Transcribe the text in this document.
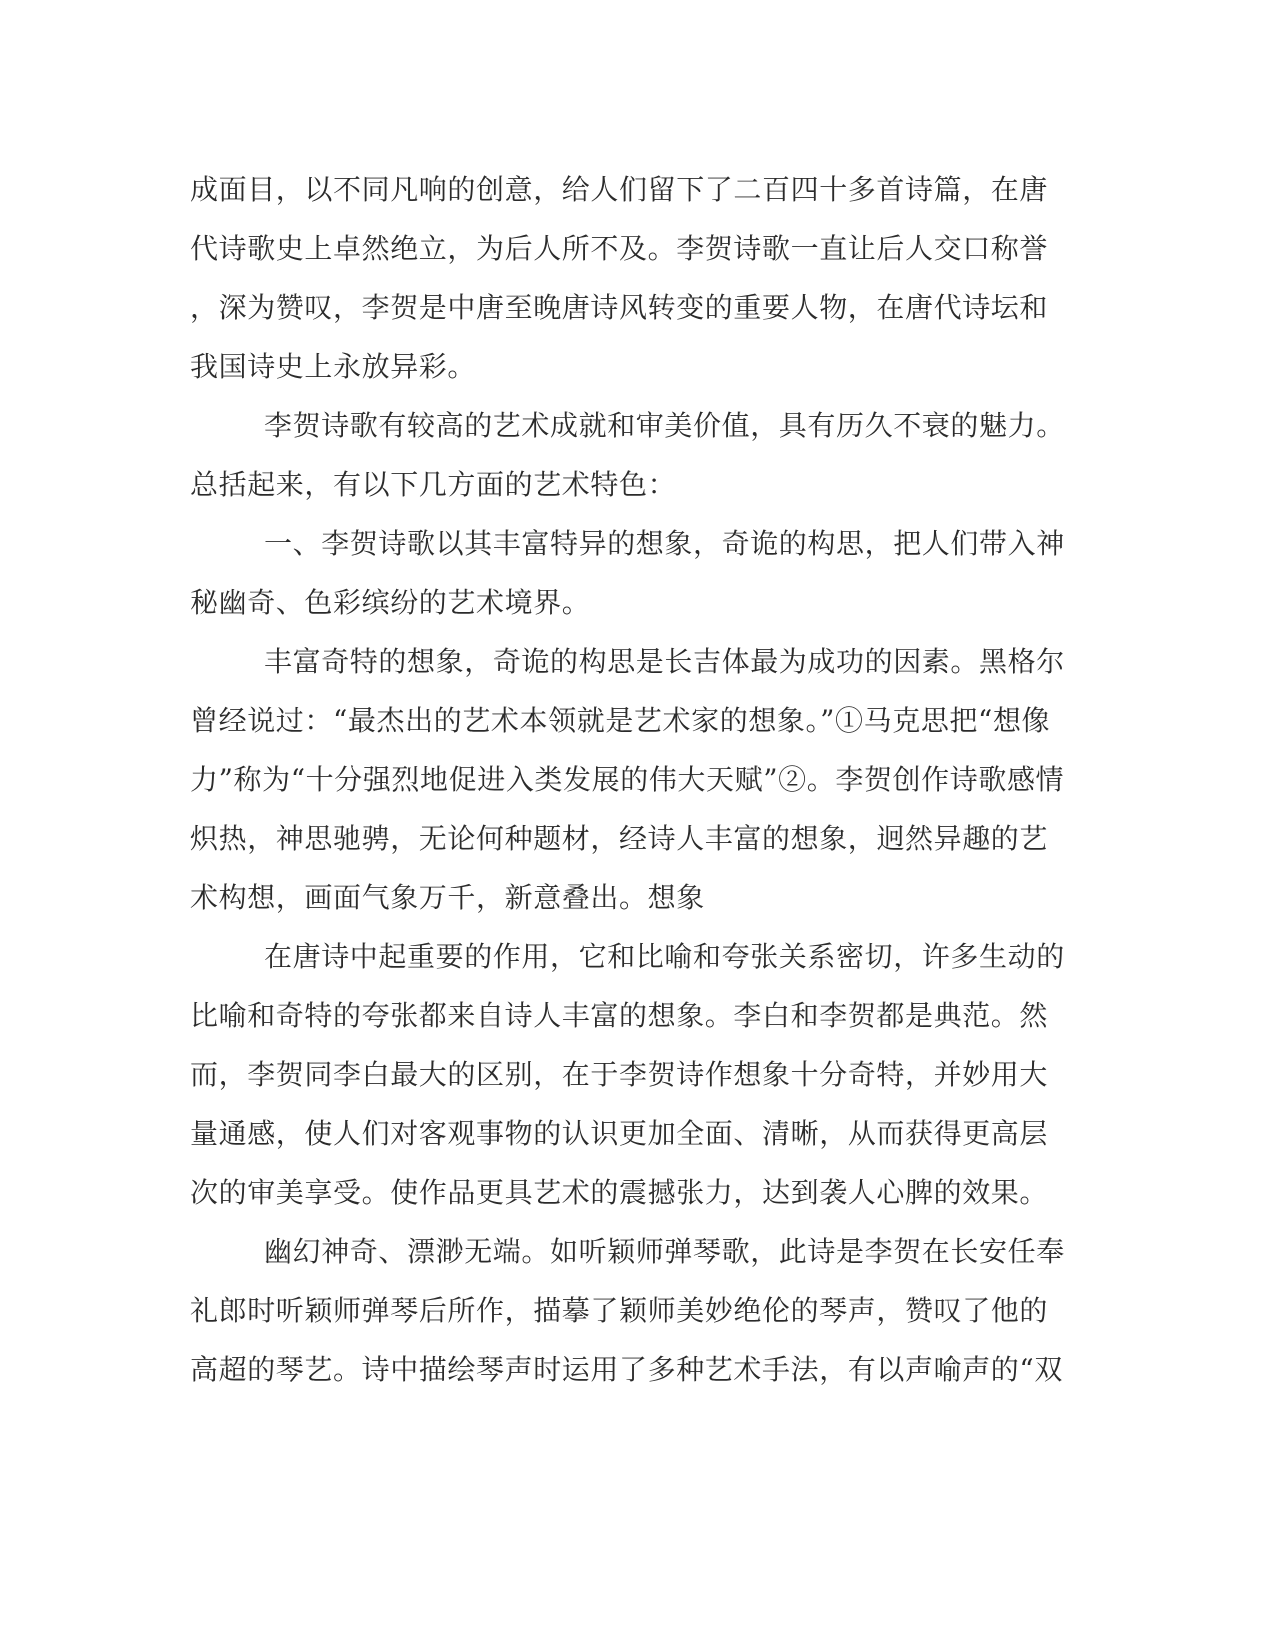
成面目，以不同凡响的创意，给人们留下了二百四十多首诗篇，在唐
代诗歌史上卓然绝立，为后人所不及。李贺诗歌一直让后人交口称誉
，深为赞叹，李贺是中唐至晚唐诗风转变的重要人物，在唐代诗坛和
我国诗史上永放异彩。
李贺诗歌有较高的艺术成就和审美价值，具有历久不衰的魅力。
总括起来，有以下几方面的艺术特色：
一、李贺诗歌以其丰富特异的想象，奇诡的构思，把人们带入神
秘幽奇、色彩缤纷的艺术境界。
丰富奇特的想象，奇诡的构思是长吉体最为成功的因素。黑格尔
曾经说过：“最杰出的艺术本领就是艺术家的想象。”①马克思把“想像
力”称为“十分强烈地促进入类发展的伟大天赋”②。李贺创作诗歌感情
炽热，神思驰骋，无论何种题材，经诗人丰富的想象，迥然异趣的艺
术构想，画面气象万千，新意叠出。想象
在唐诗中起重要的作用，它和比喻和夸张关系密切，许多生动的
比喻和奇特的夸张都来自诗人丰富的想象。李白和李贺都是典范。然
而，李贺同李白最大的区别，在于李贺诗作想象十分奇特，并妙用大
量通感，使人们对客观事物的认识更加全面、清晰，从而获得更高层
次的审美享受。使作品更具艺术的震撼张力，达到袭人心脾的效果。
幽幻神奇、漂渺无端。如听颖师弹琴歌，此诗是李贺在长安任奉
礼郎时听颖师弹琴后所作，描摹了颖师美妙绝伦的琴声，赞叹了他的
高超的琴艺。诗中描绘琴声时运用了多种艺术手法，有以声喻声的“双
